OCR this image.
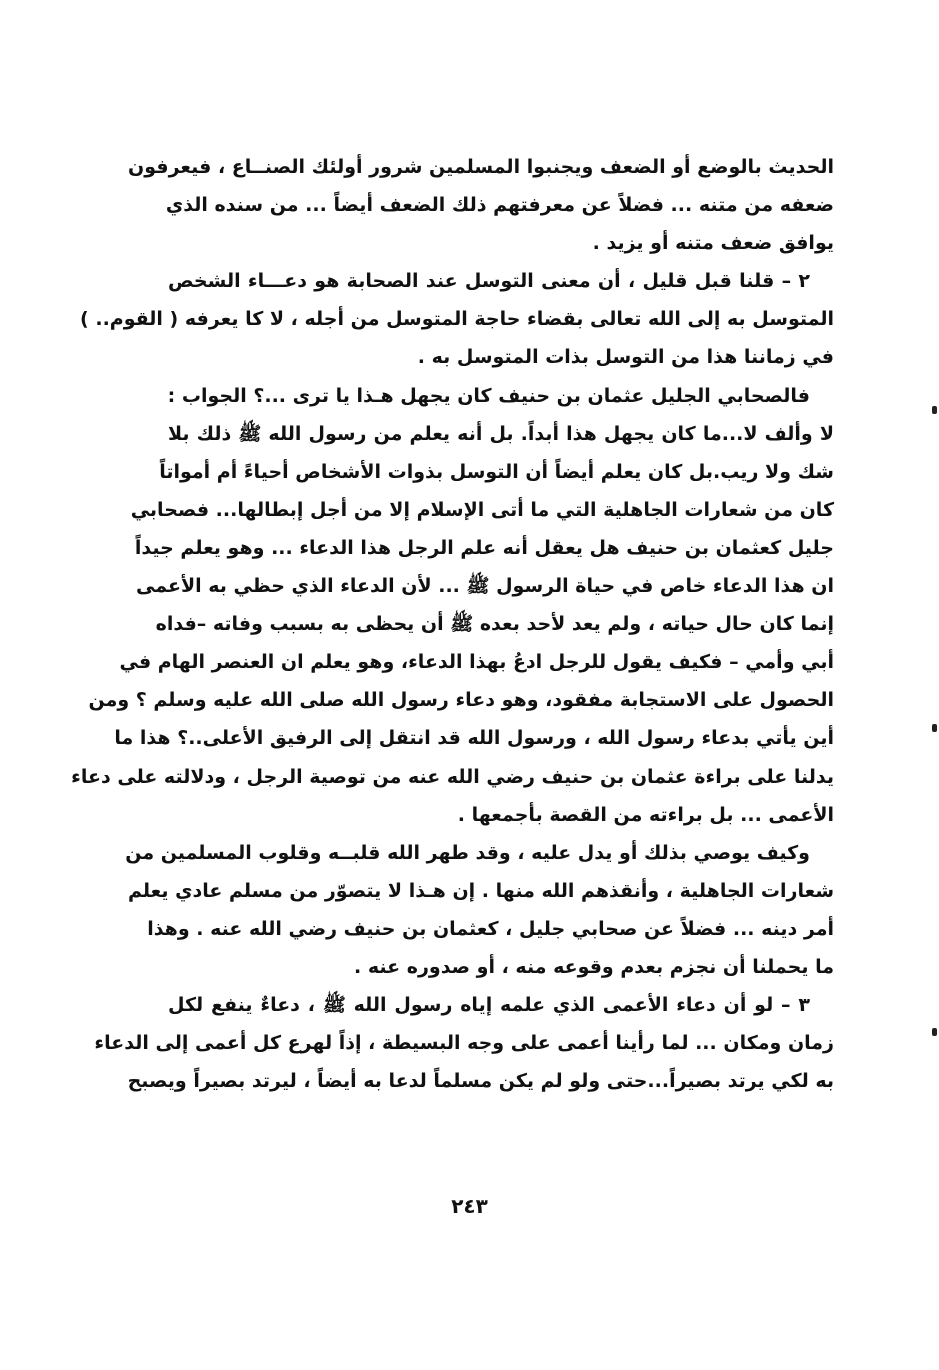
الحديث بالوضع أو الضعف ويجنبوا المسلمين شرور أولئك الصنــاع ، فيعرفون
ضعفه من متنه ... فضلاً عن معرفتهم ذلك الضعف أيضاً ... من سنده الذي
يوافق ضعف متنه أو يزيد .
٢ – قلنا قبل قليل ، أن معنى التوسل عند الصحابة هو دعـــاء الشخص
المتوسل به إلى الله تعالى بقضاء حاجة المتوسل من أجله ، لا كا يعرفه ( القوم.. )
في زماننا هذا من التوسل بذات المتوسل به .
فالصحابي الجليل عثمان بن حنيف كان يجهل هـذا يا ترى ...؟ الجواب :
لا وألف لا...ما كان يجهل هذا أبداً. بل أنه يعلم من رسول الله ﷺ ذلك بلا
شك ولا ريب.بل كان يعلم أيضاً أن التوسل بذوات الأشخاص أحياءً أم أمواتاً
كان من شعارات الجاهلية التي ما أتى الإسلام إلا من أجل إبطالها... فصحابي
جليل كعثمان بن حنيف هل يعقل أنه علم الرجل هذا الدعاء ... وهو يعلم جيداً
ان هذا الدعاء خاص في حياة الرسول ﷺ ... لأن الدعاء الذي حظي به الأعمى
إنما كان حال حياته ، ولم يعد لأحد بعده ﷺ أن يحظى به بسبب وفاته –فداه
أبي وأمي – فكيف يقول للرجل ادعُ بهذا الدعاء، وهو يعلم ان العنصر الهام في
الحصول على الاستجابة مفقود، وهو دعاء رسول الله صلى الله عليه وسلم ؟ ومن
أين يأتي بدعاء رسول الله ، ورسول الله قد انتقل إلى الرفيق الأعلى..؟ هذا ما
يدلنا على براءة عثمان بن حنيف رضي الله عنه من توصية الرجل ، ودلالته على دعاء
الأعمى ... بل براءته من القصة بأجمعها .
وكيف يوصي بذلك أو يدل عليه ، وقد طهر الله قلبــه وقلوب المسلمين من
شعارات الجاهلية ، وأنقذهم الله منها . إن هـذا لا يتصوّر من مسلم عادي يعلم
أمر دينه ... فضلاً عن صحابي جليل ، كعثمان بن حنيف رضي الله عنه . وهذا
ما يحملنا أن نجزم بعدم وقوعه منه ، أو صدوره عنه .
٣ – لو أن دعاء الأعمى الذي علمه إياه رسول الله ﷺ ، دعاءٌ ينفع لكل
زمان ومكان ... لما رأينا أعمى على وجه البسيطة ، إذاً لهرع كل أعمى إلى الدعاء
به لكي يرتد بصيراً...حتى ولو لم يكن مسلماً لدعا به أيضاً ، ليرتد بصيراً ويصبح
٢٤٣
